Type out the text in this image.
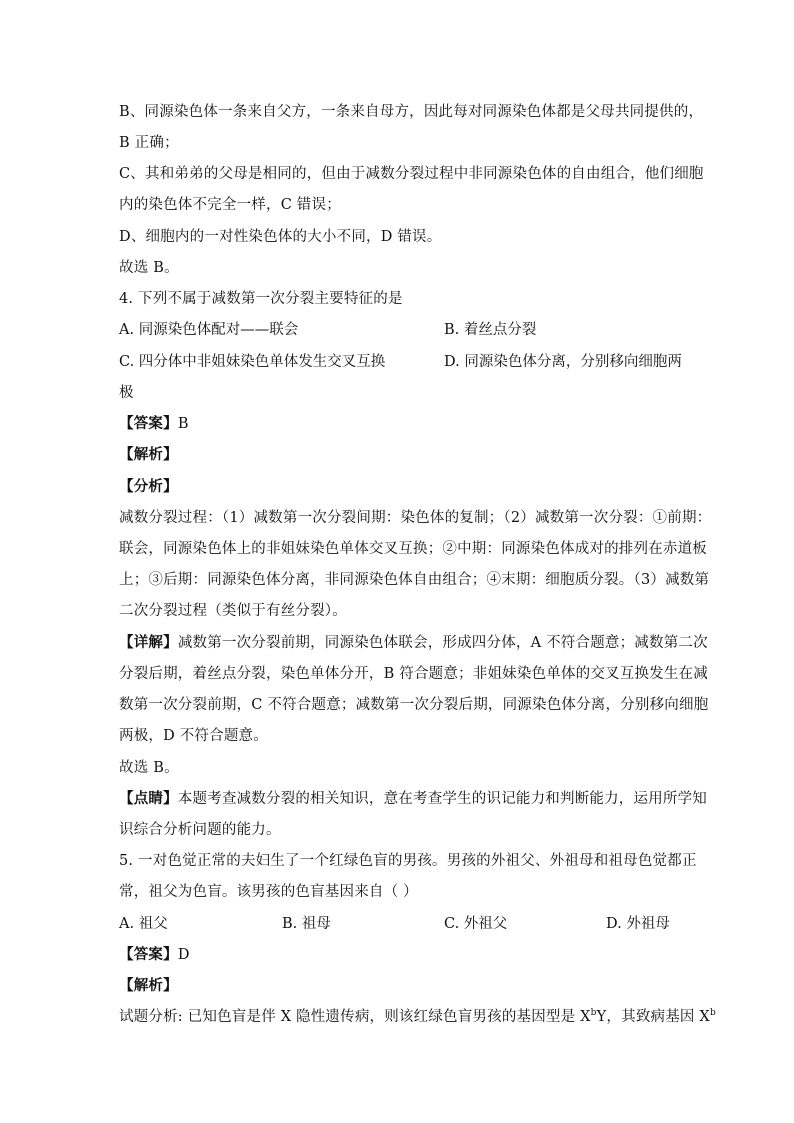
B、同源染色体一条来自父方，一条来自母方，因此每对同源染色体都是父母共同提供的，
B 正确；
C、其和弟弟的父母是相同的，但由于减数分裂过程中非同源染色体的自由组合，他们细胞
内的染色体不完全一样，C 错误；
D、细胞内的一对性染色体的大小不同，D 错误。
故选 B。
4. 下列不属于减数第一次分裂主要特征的是
A. 同源染色体配对——联会	B. 着丝点分裂
C. 四分体中非姐妹染色单体发生交叉互换	D. 同源染色体分离，分别移向细胞两
极
【答案】B
【解析】
【分析】
减数分裂过程：（1）减数第一次分裂间期：染色体的复制；（2）减数第一次分裂：①前期：
联会，同源染色体上的非姐妹染色单体交叉互换；②中期：同源染色体成对的排列在赤道板
上；③后期：同源染色体分离，非同源染色体自由组合；④末期：细胞质分裂。（3）减数第
二次分裂过程（类似于有丝分裂）。
【详解】减数第一次分裂前期，同源染色体联会，形成四分体，A 不符合题意；减数第二次
分裂后期，着丝点分裂，染色单体分开，B 符合题意；非姐妹染色单体的交叉互换发生在减
数第一次分裂前期，C 不符合题意；减数第一次分裂后期，同源染色体分离，分别移向细胞
两极，D 不符合题意。
故选 B。
【点睛】本题考查减数分裂的相关知识，意在考查学生的识记能力和判断能力，运用所学知
识综合分析问题的能力。
5. 一对色觉正常的夫妇生了一个红绿色盲的男孩。男孩的外祖父、外祖母和祖母色觉都正
常，祖父为色盲。该男孩的色盲基因来自（ ）
A. 祖父	B. 祖母	C. 外祖父	D. 外祖母
【答案】D
【解析】
试题分析: 已知色盲是伴 X 隐性遗传病，则该红绿色盲男孩的基因型是 $X^bY$，其致病基因 $X^b$
